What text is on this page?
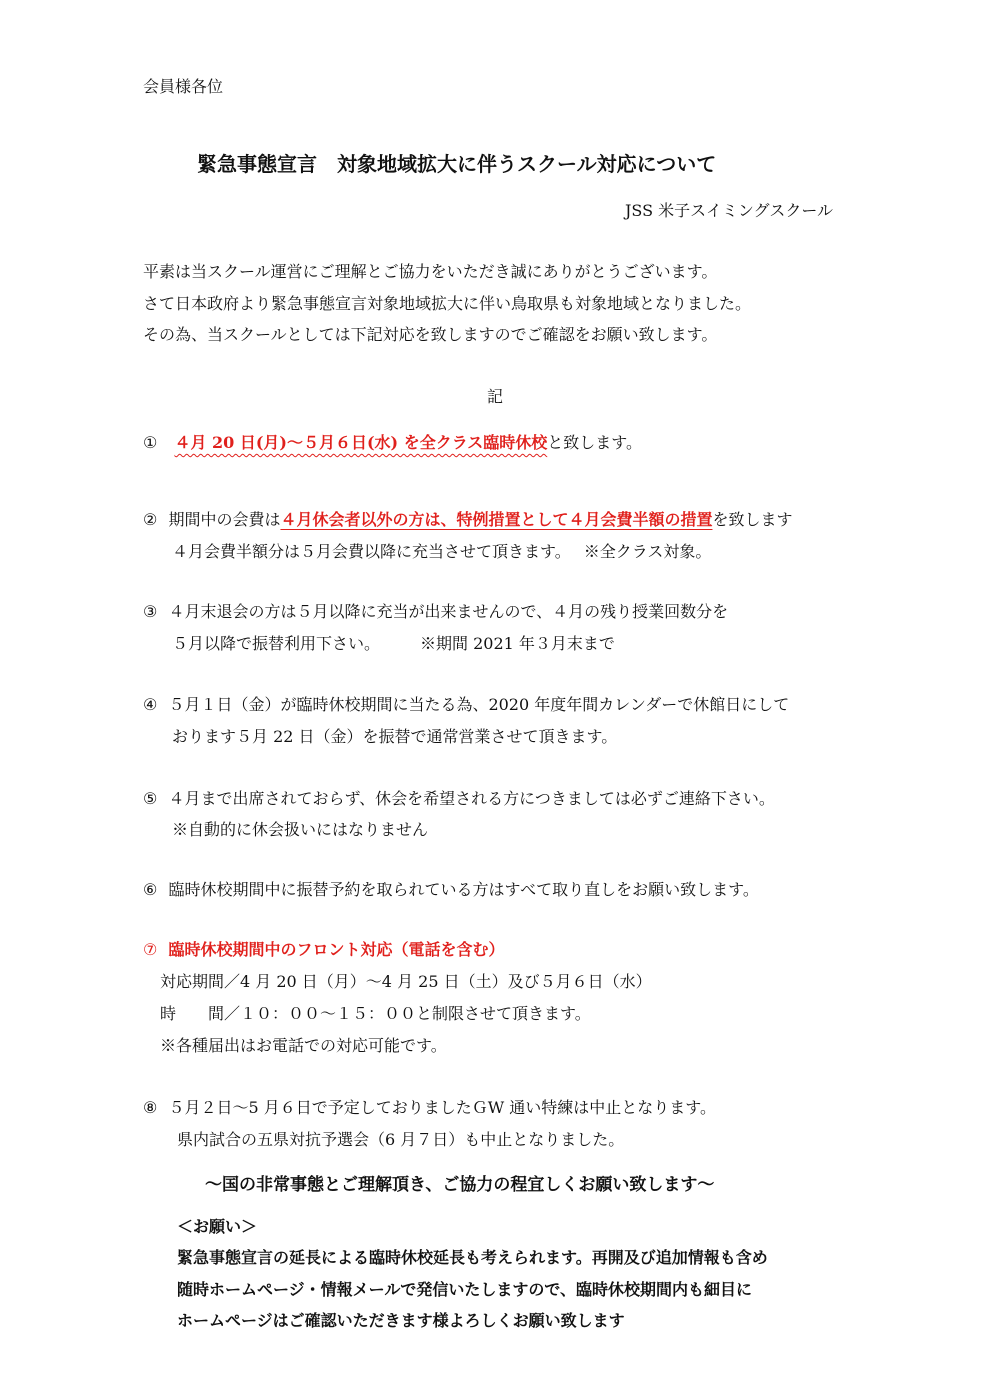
会員様各位
緊急事態宣言　対象地域拡大に伴うスクール対応について
JSS 米子スイミングスクール
平素は当スクール運営にご理解とご協力をいただき誠にありがとうございます。
さて日本政府より緊急事態宣言対象地域拡大に伴い鳥取県も対象地域となりました。
その為、当スクールとしては下記対応を致しますのでご確認をお願い致します。
記
① ４月 20 日(月)～５月６日(水) を全クラス臨時休校と致します。
② 期間中の会費は４月休会者以外の方は、特例措置として４月会費半額の措置を致します
４月会費半額分は５月会費以降に充当させて頂きます。　 ※全クラス対象。
③ ４月末退会の方は５月以降に充当が出来ませんので、４月の残り授業回数分を
５月以降で振替利用下さい。　　　※期間 2021 年３月末まで
④ ５月１日（金）が臨時休校期間に当たる為、2020 年度年間カレンダーで休館日にして
おります５月 22 日（金）を振替で通常営業させて頂きます。
⑤ ４月まで出席されておらず、休会を希望される方につきましては必ずご連絡下さい。
※自動的に休会扱いにはなりません
⑥ 臨時休校期間中に振替予約を取られている方はすべて取り直しをお願い致します。
⑦ 臨時休校期間中のフロント対応（電話を含む）
対応期間／4 月 20 日（月）～4 月 25 日（土）及び５月６日（水）
時　　間／１０：００～１５：００と制限させて頂きます。
※各種届出はお電話での対応可能です。
⑧ ５月２日～5 月６日で予定しておりましたＧW 通い特練は中止となります。
県内試合の五県対抗予選会（6 月７日）も中止となりました。
～国の非常事態とご理解頂き、ご協力の程宜しくお願い致します～
＜お願い＞
緊急事態宣言の延長による臨時休校延長も考えられます。再開及び追加情報も含め
随時ホームページ・情報メールで発信いたしますので、臨時休校期間内も細目に
ホームページはご確認いただきます様よろしくお願い致します
